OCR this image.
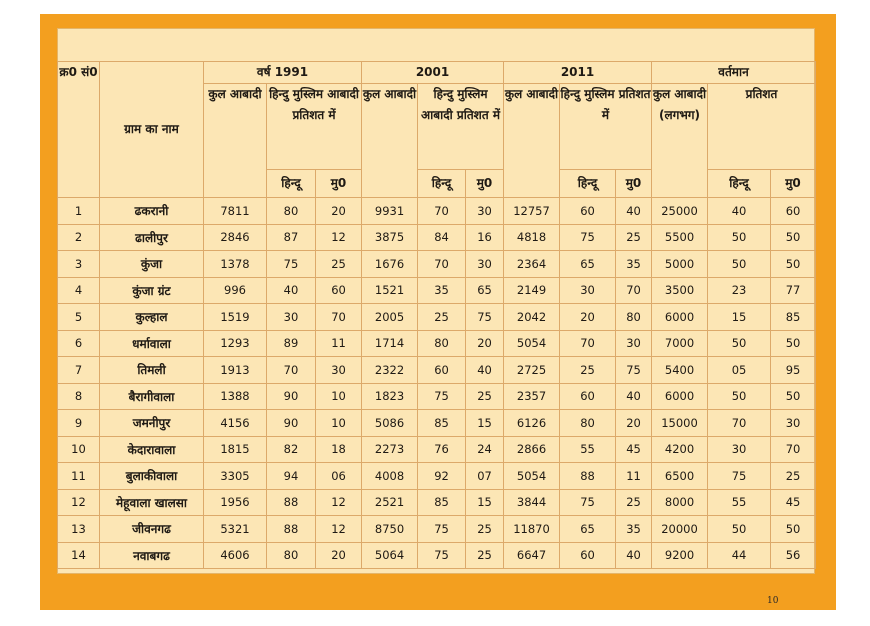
क्र0 सं0	ग्राम का नाम	वर्ष 1991			2001			2011			वर्तमान		
		कुल आबादी	हिन्दु मुस्लिम आबादी प्रतिशत में		कुल आबादी	हिन्दु मुस्लिम आबादी प्रतिशत में		कुल आबादी	हिन्दु मुस्लिम प्रतिशत में		कुल आबादी (लगभग)	प्रतिशत	
			हिन्दू	मु0		हिन्दू	मु0		हिन्दू	मु0		हिन्दू	मु0
1	ढकरानी	7811	80	20	9931	70	30	12757	60	40	25000	40	60
2	ढालीपुर	2846	87	12	3875	84	16	4818	75	25	5500	50	50
3	कुंजा	1378	75	25	1676	70	30	2364	65	35	5000	50	50
4	कुंजा ग्रंट	996	40	60	1521	35	65	2149	30	70	3500	23	77
5	कुल्हाल	1519	30	70	2005	25	75	2042	20	80	6000	15	85
6	धर्मावाला	1293	89	11	1714	80	20	5054	70	30	7000	50	50
7	तिमली	1913	70	30	2322	60	40	2725	25	75	5400	05	95
8	बैरागीवाला	1388	90	10	1823	75	25	2357	60	40	6000	50	50
9	जमनीपुर	4156	90	10	5086	85	15	6126	80	20	15000	70	30
10	केदारावाला	1815	82	18	2273	76	24	2866	55	45	4200	30	70
11	बुलाकीवाला	3305	94	06	4008	92	07	5054	88	11	6500	75	25
12	मेहूवाला खालसा	1956	88	12	2521	85	15	3844	75	25	8000	55	45
13	जीवनगढ	5321	88	12	8750	75	25	11870	65	35	20000	50	50
14	नवाबगढ	4606	80	20	5064	75	25	6647	60	40	9200	44	56
10
